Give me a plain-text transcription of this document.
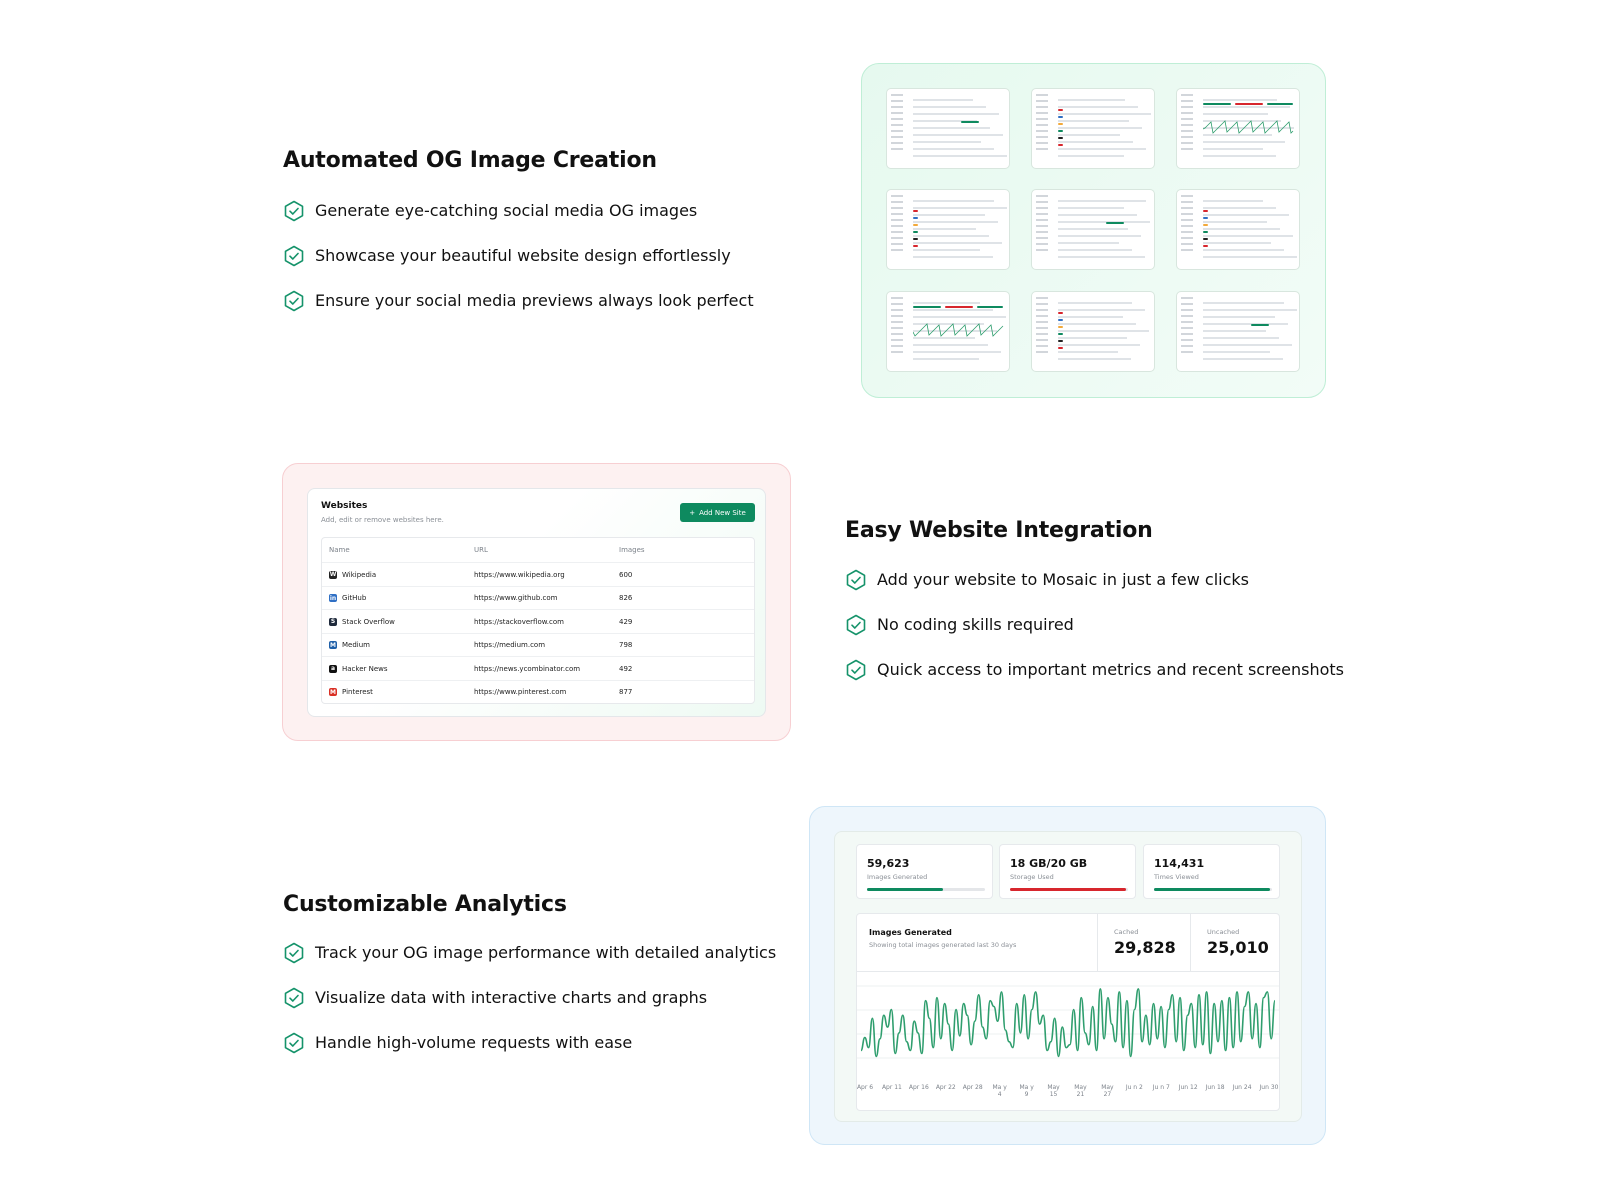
Automated OG Image Creation
Generate eye-catching social media OG images
Showcase your beautiful website design effortlessly
Ensure your social media previews always look perfect
Websites
Add, edit or remove websites here.
+ Add New Site
Name	URL	Images
W Wikipedia	https://www.wikipedia.org	600
in GitHub	https://www.github.com	826
S Stack Overflow	https://stackoverflow.com	429
M Medium	https://medium.com	798
a Hacker News	https://news.ycombinator.com	492
M Pinterest	https://www.pinterest.com	877
Easy Website Integration
Add your website to Mosaic in just a few clicks
No coding skills required
Quick access to important metrics and recent screenshots
Customizable Analytics
Track your OG image performance with detailed analytics
Visualize data with interactive charts and graphs
Handle high-volume requests with ease
59,623
Images Generated
18 GB/20 GB
Storage Used
114,431
Times Viewed
Images Generated
Showing total images generated last 30 days
Cached
29,828
Uncached
25,010
Apr 6	Apr 11 Apr 16 Apr 22 Apr 28	Ma y 4
Ma y 9
May 15
May 21
May 27
Ju n 2 Ju n 7 Jun 12 Jun 18 Jun 24 Jun 30
